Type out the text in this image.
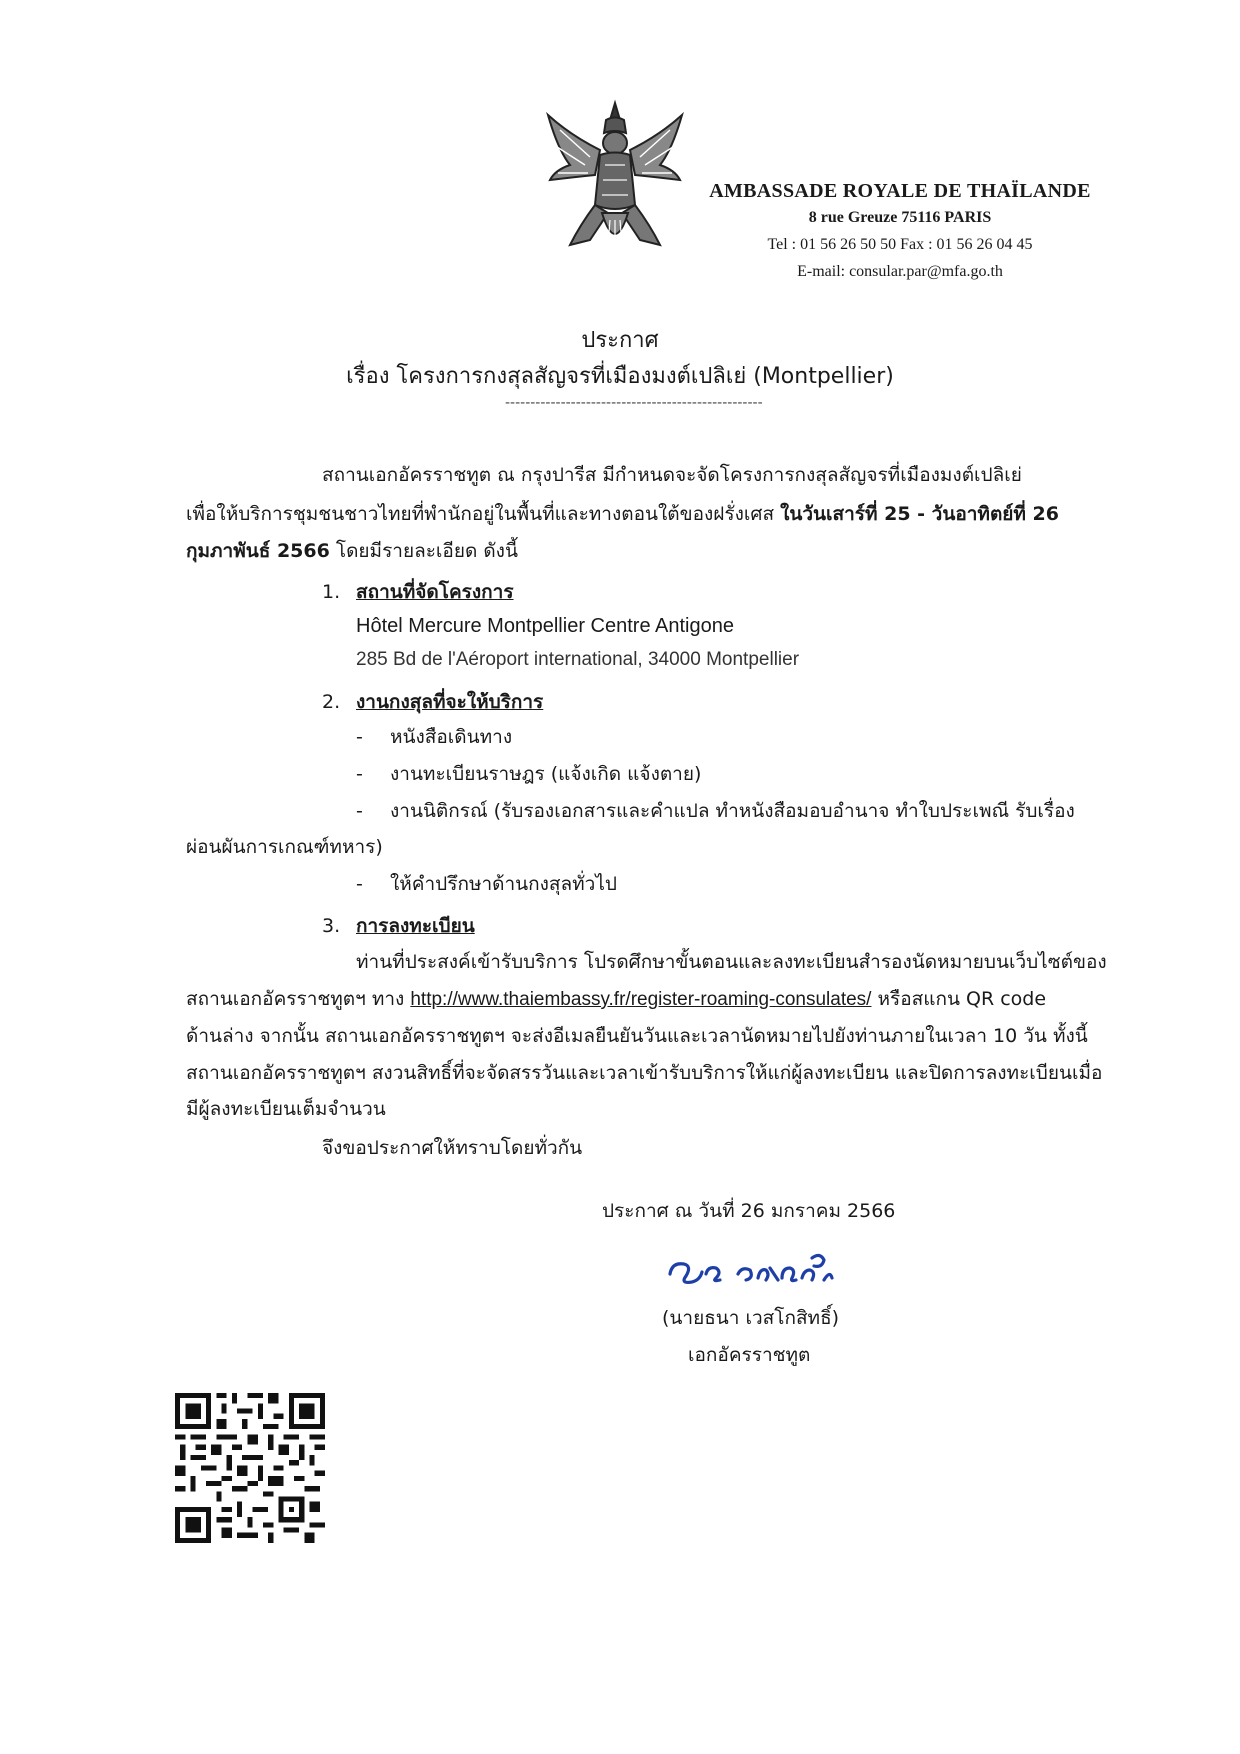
AMBASSADE ROYALE DE THAÏLANDE
8 rue Greuze 75116 PARIS
Tel : 01 56 26 50 50 Fax : 01 56 26 04 45
E-mail: consular.par@mfa.go.th
ประกาศ
เรื่อง โครงการกงสุลสัญจรที่เมืองมงต์เปลิเย่ (Montpellier)
---------------------------------------------------
สถานเอกอัครราชทูต ณ กรุงปารีส มีกำหนดจะจัดโครงการกงสุลสัญจรที่เมืองมงต์เปลิเย่
เพื่อให้บริการชุมชนชาวไทยที่พำนักอยู่ในพื้นที่และทางตอนใต้ของฝรั่งเศส ในวันเสาร์ที่ 25 - วันอาทิตย์ที่ 26
กุมภาพันธ์ 2566 โดยมีรายละเอียด ดังนี้
1. สถานที่จัดโครงการ
Hôtel Mercure Montpellier Centre Antigone
285 Bd de l'Aéroport international, 34000 Montpellier
2. งานกงสุลที่จะให้บริการ
- หนังสือเดินทาง
- งานทะเบียนราษฎร (แจ้งเกิด แจ้งตาย)
- งานนิติกรณ์ (รับรองเอกสารและคำแปล ทำหนังสือมอบอำนาจ ทำใบประเพณี รับเรื่อง
ผ่อนผันการเกณฑ์ทหาร)
- ให้คำปรึกษาด้านกงสุลทั่วไป
3. การลงทะเบียน
ท่านที่ประสงค์เข้ารับบริการ โปรดศึกษาขั้นตอนและลงทะเบียนสำรองนัดหมายบนเว็บไซต์ของ
สถานเอกอัครราชทูตฯ ทาง http://www.thaiembassy.fr/register-roaming-consulates/ หรือสแกน QR code
ด้านล่าง จากนั้น สถานเอกอัครราชทูตฯ จะส่งอีเมลยืนยันวันและเวลานัดหมายไปยังท่านภายในเวลา 10 วัน ทั้งนี้
สถานเอกอัครราชทูตฯ สงวนสิทธิ์ที่จะจัดสรรวันและเวลาเข้ารับบริการให้แก่ผู้ลงทะเบียน และปิดการลงทะเบียนเมื่อ
มีผู้ลงทะเบียนเต็มจำนวน
จึงขอประกาศให้ทราบโดยทั่วกัน
ประกาศ ณ วันที่ 26 มกราคม 2566
(นายธนา เวสโกสิทธิ์)
เอกอัครราชทูต
